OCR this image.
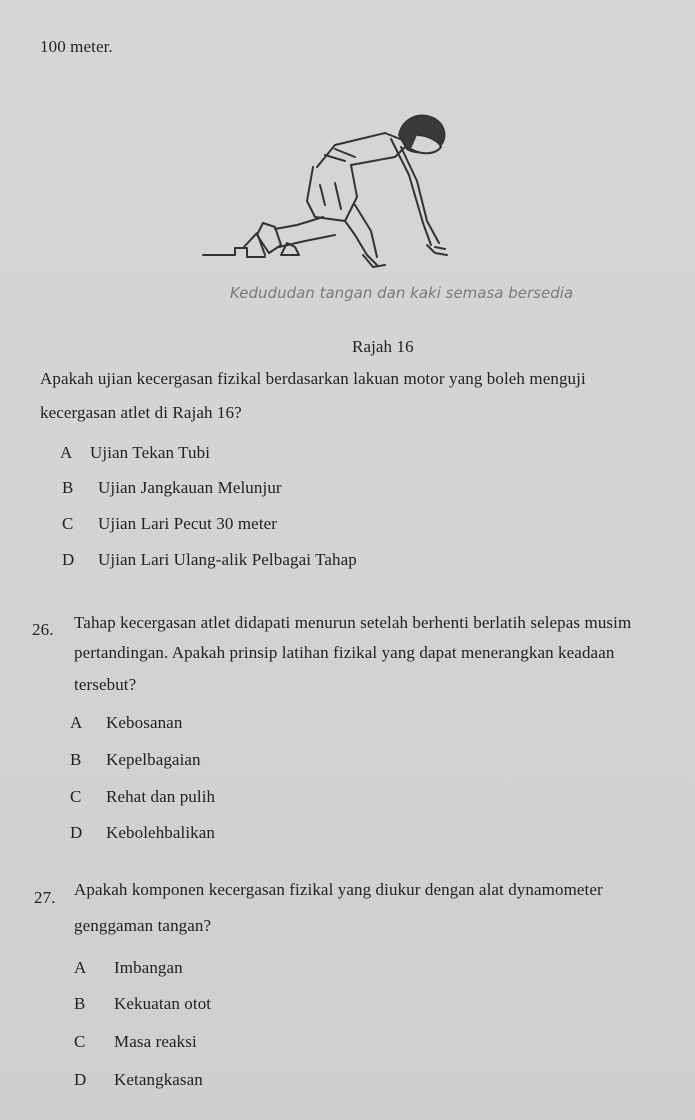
100 meter.
Kedududan tangan dan kaki semasa bersedia
Rajah 16
Apakah ujian kecergasan fizikal berdasarkan lakuan motor yang boleh menguji
kecergasan atlet di Rajah 16?
A Ujian Tekan Tubi
B Ujian Jangkauan Melunjur
C Ujian Lari Pecut 30 meter
D Ujian Lari Ulang-alik Pelbagai Tahap
26. Tahap kecergasan atlet didapati menurun setelah berhenti berlatih selepas musim
pertandingan. Apakah prinsip latihan fizikal yang dapat menerangkan keadaan
tersebut?
A Kebosanan
B Kepelbagaian
C Rehat dan pulih
D Kebolehbalikan
27. Apakah komponen kecergasan fizikal yang diukur dengan alat dynamometer
genggaman tangan?
A Imbangan
B Kekuatan otot
C Masa reaksi
D Ketangkasan
